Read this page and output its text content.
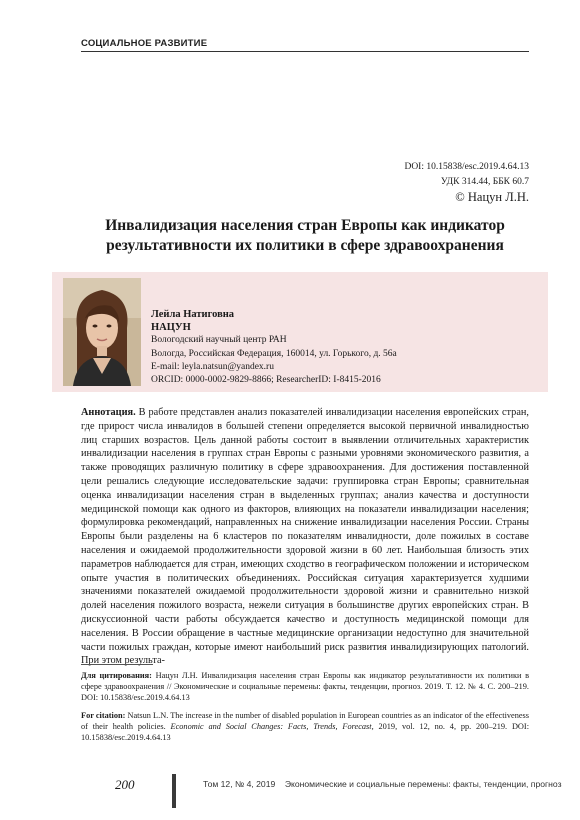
СОЦИАЛЬНОЕ РАЗВИТИЕ
DOI: 10.15838/esc.2019.4.64.13
УДК 314.44, ББК 60.7
© Нацун Л.Н.
Инвалидизация населения стран Европы как индикатор
результативности их политики в сфере здравоохранения
Лейла Натиговна
НАЦУН
Вологодский научный центр РАН
Вологда, Российская Федерация, 160014, ул. Горького, д. 56а
E-mail: leyla.natsun@yandex.ru
ORCID: 0000-0002-9829-8866; ResearcherID: I-8415-2016
Аннотация. В работе представлен анализ показателей инвалидизации населения европейских стран, где прирост числа инвалидов в большей степени определяется высокой первичной инвалидностью лиц старших возрастов. Цель данной работы состоит в выявлении отличительных характеристик инвалидизации населения в группах стран Европы с разными уровнями экономического развития, а также проводящих различную политику в сфере здравоохранения. Для достижения поставленной цели решались следующие исследовательские задачи: группировка стран Европы; сравнительная оценка инвалидизации населения стран в выделенных группах; анализ качества и доступности медицинской помощи как одного из факторов, влияющих на показатели инвалидизации населения; формулировка рекомендаций, направленных на снижение инвалидизации населения России. Страны Европы были разделены на 6 кластеров по показателям инвалидности, доле пожилых в составе населения и ожидаемой продолжительности здоровой жизни в 60 лет. Наибольшая близость этих параметров наблюдается для стран, имеющих сходство в географическом положении и историческом опыте участия в политических объединениях. Российская ситуация характеризуется худшими значениями показателей ожидаемой продолжительности здоровой жизни и сравнительно низкой долей населения пожилого возраста, нежели ситуация в большинстве других европейских стран. В дискуссионной части работы обсуждается качество и доступность медицинской помощи для населения. В России обращение в частные медицинские организации недоступно для значительной части пожилых граждан, которые имеют наибольший риск развития инвалидизирующих патологий. При этом результа-
Для цитирования: Нацун Л.Н. Инвалидизация населения стран Европы как индикатор результативности их политики в сфере здравоохранения // Экономические и социальные перемены: факты, тенденции, прогноз. 2019. Т. 12. № 4. С. 200–219. DOI: 10.15838/esc.2019.4.64.13
For citation: Natsun L.N. The increase in the number of disabled population in European countries as an indicator of the effectiveness of their health policies. Economic and Social Changes: Facts, Trends, Forecast, 2019, vol. 12, no. 4, pp. 200–219. DOI: 10.15838/esc.2019.4.64.13
200	Том 12, № 4, 2019 Экономические и социальные перемены: факты, тенденции, прогноз
